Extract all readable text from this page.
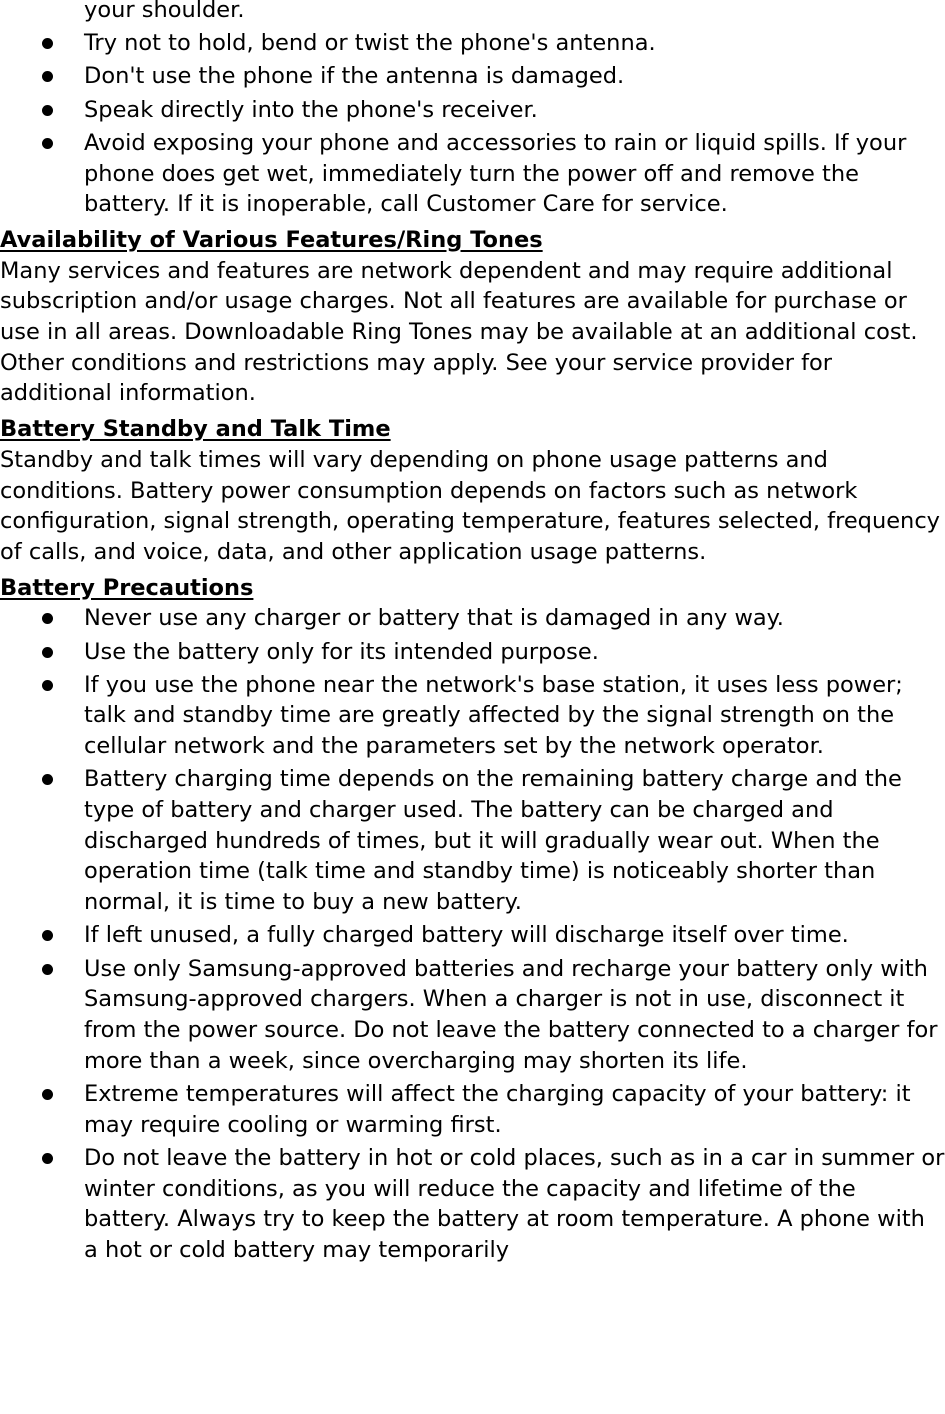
your shoulder.
Try not to hold, bend or twist the phone's antenna.
Don't use the phone if the antenna is damaged.
Speak directly into the phone's receiver.
Avoid exposing your phone and accessories to rain or liquid spills. If your phone does get wet, immediately turn the power off and remove the battery. If it is inoperable, call Customer Care for service.
Availability of Various Features/Ring Tones
Many services and features are network dependent and may require additional subscription and/or usage charges. Not all features are available for purchase or use in all areas. Downloadable Ring Tones may be available at an additional cost. Other conditions and restrictions may apply. See your service provider for additional information.
Battery Standby and Talk Time
Standby and talk times will vary depending on phone usage patterns and conditions. Battery power consumption depends on factors such as network configuration, signal strength, operating temperature, features selected, frequency of calls, and voice, data, and other application usage patterns.
Battery Precautions
Never use any charger or battery that is damaged in any way.
Use the battery only for its intended purpose.
If you use the phone near the network's base station, it uses less power; talk and standby time are greatly affected by the signal strength on the cellular network and the parameters set by the network operator.
Battery charging time depends on the remaining battery charge and the type of battery and charger used. The battery can be charged and discharged hundreds of times, but it will gradually wear out. When the operation time (talk time and standby time) is noticeably shorter than normal, it is time to buy a new battery.
If left unused, a fully charged battery will discharge itself over time.
Use only Samsung-approved batteries and recharge your battery only with Samsung-approved chargers. When a charger is not in use, disconnect it from the power source. Do not leave the battery connected to a charger for more than a week, since overcharging may shorten its life.
Extreme temperatures will affect the charging capacity of your battery: it may require cooling or warming first.
Do not leave the battery in hot or cold places, such as in a car in summer or winter conditions, as you will reduce the capacity and lifetime of the battery. Always try to keep the battery at room temperature. A phone with a hot or cold battery may temporarily
